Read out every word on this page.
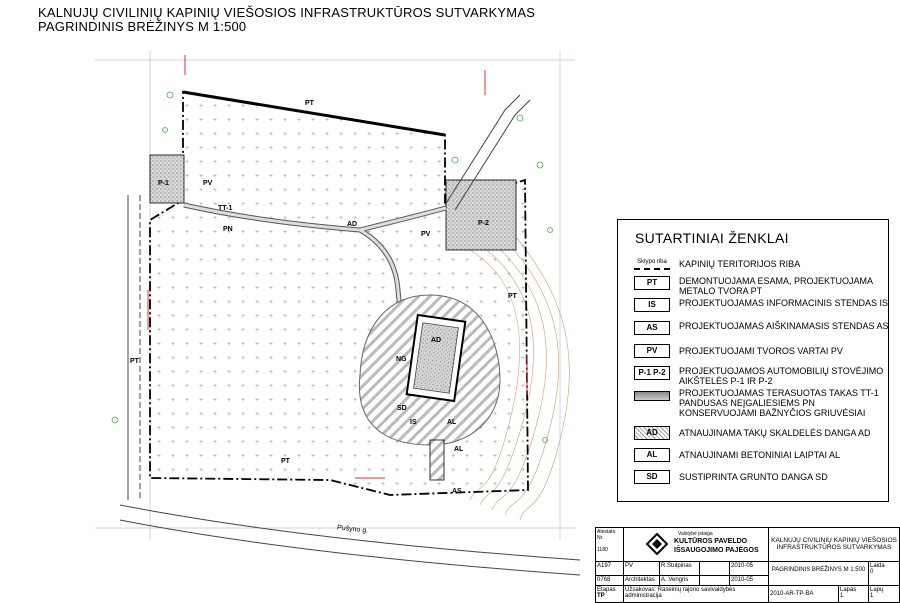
KALNUJŲ CIVILINIŲ KAPINIŲ VIEŠOSIOS INFRASTRUKTŪROS SUTVARKYMAS
PAGRINDINIS BRĖŽINYS M 1:500
PT
PT
PT
PT
P-1
P-2
PV
PV
TT-1
PN
AD
AD
NG
SD
IS	AL
AL
AS
Pušyno g.
SUTARTINIAI ŽENKLAI
Sklypo riba	KAPINIŲ TERITORIJOS RIBA
PT	DEMONTUOJAMA ESAMA, PROJEKTUOJAMA METALO TVORA PT
IS	PROJEKTUOJAMAS INFORMACINIS STENDAS IS
AS	PROJEKTUOJAMAS AIŠKINAMASIS STENDAS AS
PV	PROJEKTUOJAMI TVOROS VARTAI PV
P-1 P-2	PROJEKTUOJAMOS AUTOMOBILIŲ STOVĖJIMO AIKŠTELĖS P-1 IR P-2
PROJEKTUOJAMAS TERASUOTAS TAKAS TT-1 PANDUSAS NEĮGALIESIEMS PN KONSERVUOJAMI BAŽNYČIOS GRIUVĖSIAI
AD	ATNAUJINAMA TAKŲ SKALDELĖS DANGA AD
AL	ATNAUJINAMI BETONINIAI LAIPTAI AL
SD	SUSTIPRINTA GRUNTO DANGA SD
Atestato Nr.
1180
Valstybė įstaiga
KULTŪROS PAVELDO
IŠSAUGOJIMO PAJĖGOS
KALNUJŲ CIVILINIŲ KAPINIŲ VIEŠOSIOS INFRASTRUKTŪROS SUTVARKYMAS
A197	PV	R.Stulpinas	2010-05
0768	Architektas	A. Vengris	2010-05
PAGRINDINIS BRĖŽINYS M 1:500
Laida
0
Etapas
TP
Užsakovas: Raseinių rajono savivaldybės administracija	2010-AR-TP-BA
Lapas
1
Lapų
1
